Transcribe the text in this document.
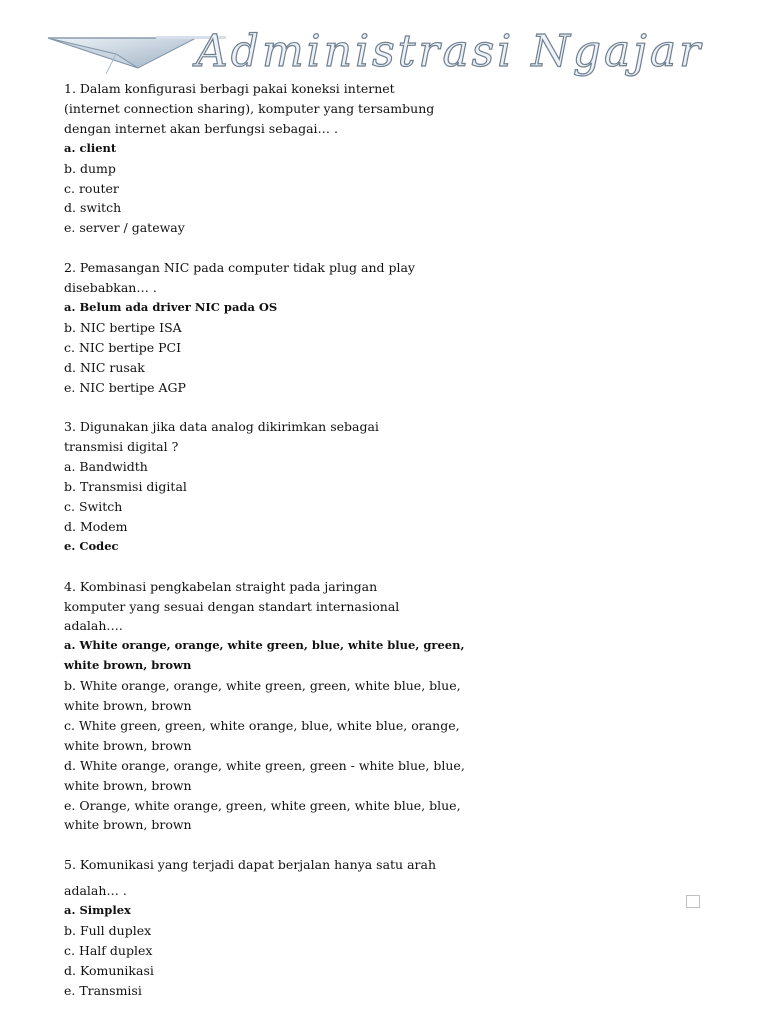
Administrasi Ngajar
1. Dalam konfigurasi berbagi pakai koneksi internet
(internet connection sharing), komputer yang tersambung
dengan internet akan berfungsi sebagai… .
a. client
b. dump
c. router
d. switch
e. server / gateway
2. Pemasangan NIC pada computer tidak plug and play
disebabkan… .
a. Belum ada driver NIC pada OS
b. NIC bertipe ISA
c. NIC bertipe PCI
d. NIC rusak
e. NIC bertipe AGP
3. Digunakan jika data analog dikirimkan sebagai
transmisi digital ?
a. Bandwidth
b. Transmisi digital
c. Switch
d. Modem
e. Codec
4. Kombinasi pengkabelan straight pada jaringan
komputer yang sesuai dengan standart internasional
adalah….
a. White orange, orange, white green, blue, white blue, green, white brown, brown
b. White orange, orange, white green, green, white blue, blue, white brown, brown
c. White green, green, white orange, blue, white blue, orange, white brown, brown
d. White orange, orange, white green, green - white blue, blue, white brown, brown
e. Orange, white orange, green, white green, white blue, blue, white brown, brown
5. Komunikasi yang terjadi dapat berjalan hanya satu arah
adalah… .
a. Simplex
b. Full duplex
c. Half duplex
d. Komunikasi
e. Transmisi
